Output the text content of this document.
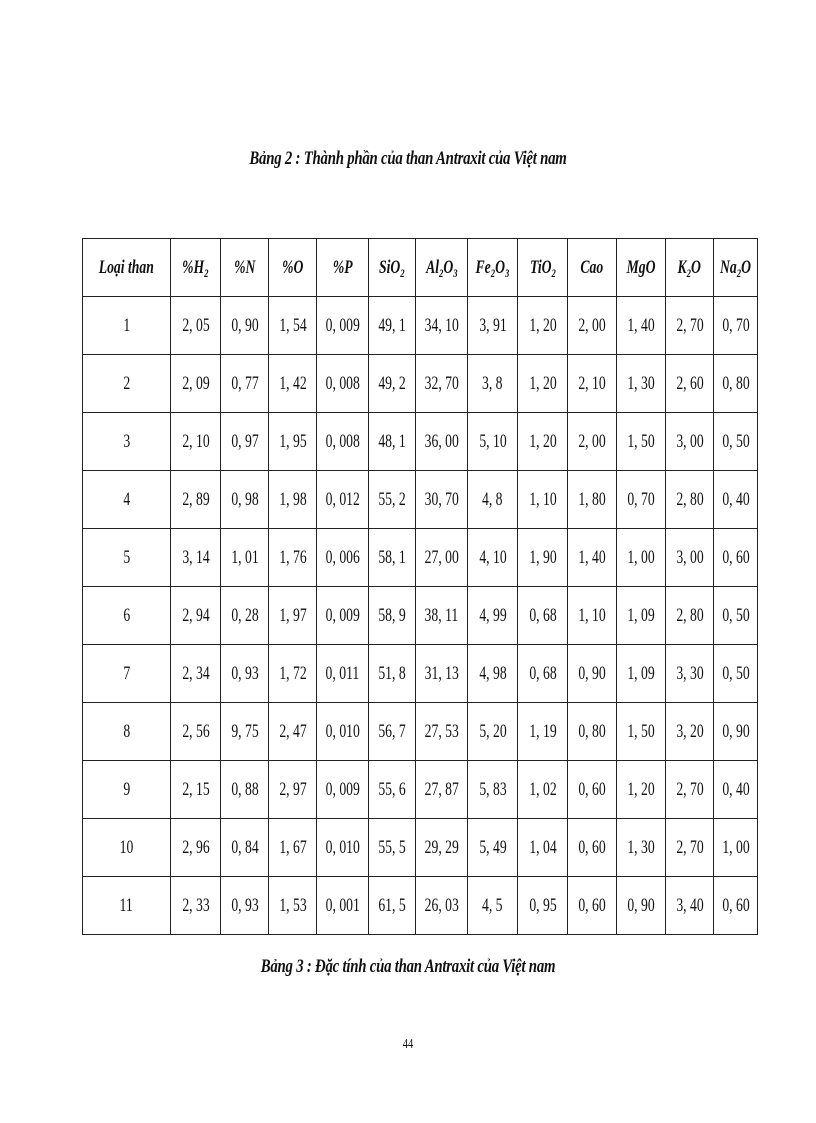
Bảng 2 : Thành phần của than Antraxit của Việt nam
Loại than	$\%H_2$	%N	%O	%P	SiO$_2$	$Al_2O_3$	$Fe_2O_3$	TiO$_2$	Cao	MgO	$K_2O$	$Na_2O$
1	2, 05	0, 90	1, 54	0, 009	49, 1	34, 10	3, 91	1, 20	2, 00	1, 40	2, 70	0, 70
2	2, 09	0, 77	1, 42	0, 008	49, 2	32, 70	3, 8	1, 20	2, 10	1, 30	2, 60	0, 80
3	2, 10	0, 97	1, 95	0, 008	48, 1	36, 00	5, 10	1, 20	2, 00	1, 50	3, 00	0, 50
4	2, 89	0, 98	1, 98	0, 012	55, 2	30, 70	4, 8	1, 10	1, 80	0, 70	2, 80	0, 40
5	3, 14	1, 01	1, 76	0, 006	58, 1	27, 00	4, 10	1, 90	1, 40	1, 00	3, 00	0, 60
6	2, 94	0, 28	1, 97	0, 009	58, 9	38, 11	4, 99	0, 68	1, 10	1, 09	2, 80	0, 50
7	2, 34	0, 93	1, 72	0, 011	51, 8	31, 13	4, 98	0, 68	0, 90	1, 09	3, 30	0, 50
8	2, 56	9, 75	2, 47	0, 010	56, 7	27, 53	5, 20	1, 19	0, 80	1, 50	3, 20	0, 90
9	2, 15	0, 88	2, 97	0, 009	55, 6	27, 87	5, 83	1, 02	0, 60	1, 20	2, 70	0, 40
10	2, 96	0, 84	1, 67	0, 010	55, 5	29, 29	5, 49	1, 04	0, 60	1, 30	2, 70	1, 00
11	2, 33	0, 93	1, 53	0, 001	61, 5	26, 03	4, 5	0, 95	0, 60	0, 90	3, 40	0, 60
Bảng 3 : Đặc tính của than Antraxit của Việt nam
44
